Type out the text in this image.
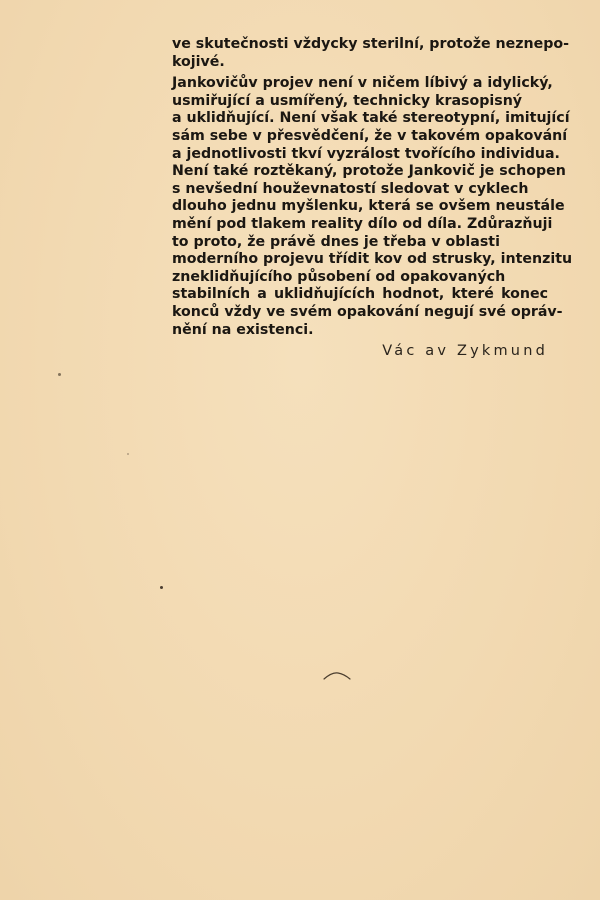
ve skutečnosti vždycky sterilní, protože neznepo-
kojivé.
Jankovičův projev není v ničem líbivý a idylický,
usmiřující a usmířený, technicky krasopisný
a uklidňující. Není však také stereotypní, imitující
sám sebe v přesvědčení, že v takovém opakování
a jednotlivosti tkví vyzrálost tvořícího individua.
Není také roztěkaný, protože Jankovič je schopen
s nevšední houževnatostí sledovat v cyklech
dlouho jednu myšlenku, která se ovšem neustále
mění pod tlakem reality dílo od díla. Zdůrazňuji
to proto, že právě dnes je třeba v oblasti
moderního projevu třídit kov od strusky, intenzitu
zneklidňujícího působení od opakovaných
stabilních a uklidňujících hodnot, které konec
konců vždy ve svém opakování negují své opráv-
nění na existenci.
Vác av Zykmund
